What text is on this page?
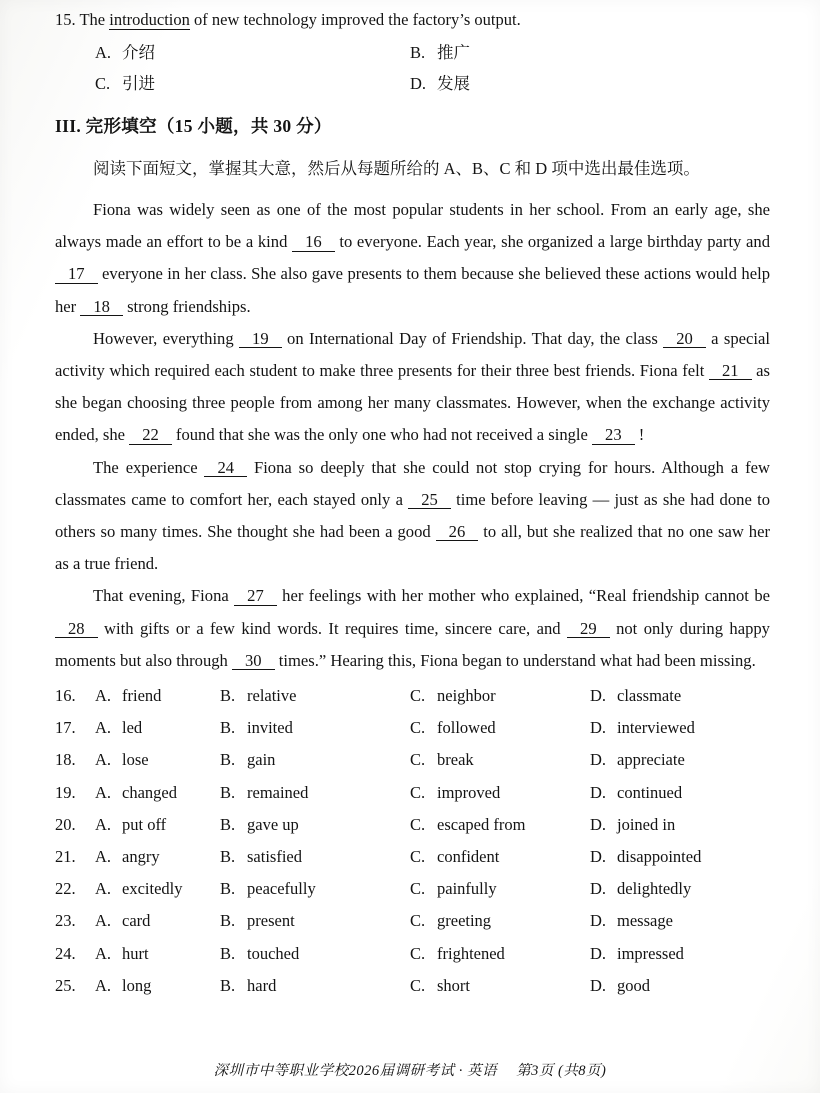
15. The introduction of new technology improved the factory’s output.
A. 介绍	B. 推广
C. 引进	D. 发展
III. 完形填空（15 小题，共 30 分）
阅读下面短文，掌握其大意，然后从每题所给的 A、B、C 和 D 项中选出最佳选项。

Fiona was widely seen as one of the most popular students in her school. From an early age, she always made an effort to be a kind 16 to everyone. Each year, she organized a large birthday party and 17 everyone in her class. She also gave presents to them because she believed these actions would help her 18 strong friendships.

However, everything 19 on International Day of Friendship. That day, the class 20 a special activity which required each student to make three presents for their three best friends. Fiona felt 21 as she began choosing three people from among her many classmates. However, when the exchange activity ended, she 22 found that she was the only one who had not received a single 23 !

The experience 24 Fiona so deeply that she could not stop crying for hours. Although a few classmates came to comfort her, each stayed only a 25 time before leaving — just as she had done to others so many times. She thought she had been a good 26 to all, but she realized that no one saw her as a true friend.

That evening, Fiona 27 her feelings with her mother who explained, “Real friendship cannot be 28 with gifts or a few kind words. It requires time, sincere care, and 29 not only during happy moments but also through 30 times.” Hearing this, Fiona began to understand what had been missing.

16.	A. friend	B. relative	C. neighbor	D. classmate
17.	A. led	B. invited	C. followed	D. interviewed
18.	A. lose	B. gain	C. break	D. appreciate
19.	A. changed	B. remained	C. improved	D. continued
20.	A. put off	B. gave up	C. escaped from	D. joined in
21.	A. angry	B. satisfied	C. confident	D. disappointed
22.	A. excitedly	B. peacefully	C. painfully	D. delightedly
23.	A. card	B. present	C. greeting	D. message
24.	A. hurt	B. touched	C. frightened	D. impressed
25.	A. long	B. hard	C. short	D. good
深圳市中等职业学校2026届调研考试 · 英语　 第3页 (共8页)
